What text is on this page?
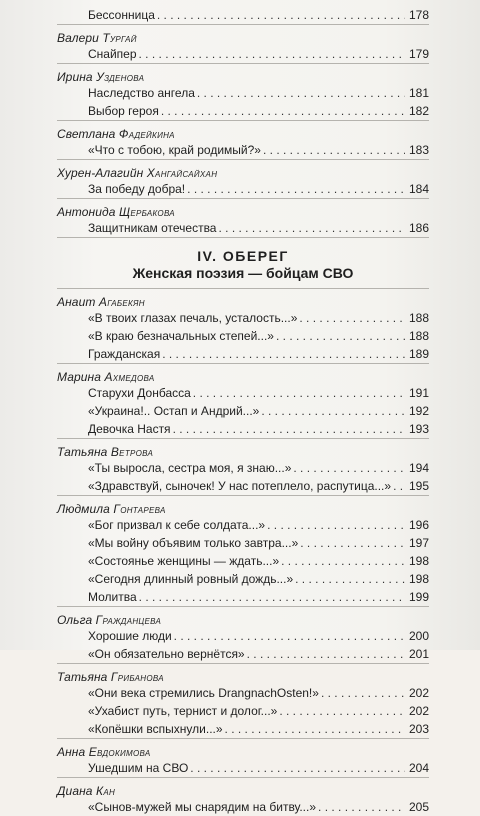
Бессонница . . .	178
Валери Тургай
Снайпер . . .	179
Ирина Узденова
Наследство ангела . . .	181
Выбор героя . . .	182
Светлана Фадейкина
«Что с тобою, край родимый?» . . .	183
Хурен-Алагийн Хангайсайхан
За победу добра! . . .	184
Антонида Щербакова
Защитникам отечества . . .	186
IV. ОБЕРЕГ
Женская поэзия — бойцам СВО
Анаит Агабекян
«В твоих глазах печаль, усталость...» . . .	188
«В краю безначальных степей...» . . .	188
Гражданская . . .	189
Марина Ахмедова
Старухи Донбасса . . .	191
«Украина!.. Остап и Андрий...» . . .	192
Девочка Настя . . .	193
Татьяна Ветрова
«Ты выросла, сестра моя, я знаю...» . . .	194
«Здравствуй, сыночек! У нас потеплело, распутица...» . . . 195
Людмила Гонтарева
«Бог призвал к себе солдата...» . . .	196
«Мы войну объявим только завтра...» . . .	197
«Состоянье женщины — ждать...» . . .	198
«Сегодня длинный ровный дождь...» . . .	198
Молитва . . .	199
Ольга Гражданцева
Хорошие люди . . .	200
«Он обязательно вернётся» . . .	201
Татьяна Грибанова
«Они века стремились DrangnachOsten!» . . .	202
«Ухабист путь, тернист и долог...» . . .	202
«Копёшки вспыхнули...» . . .	203
Анна Евдокимова
Ушедшим на СВО . . .	204
Диана Кан
«Сынов-мужей мы снарядим на битву...» . . .	205
